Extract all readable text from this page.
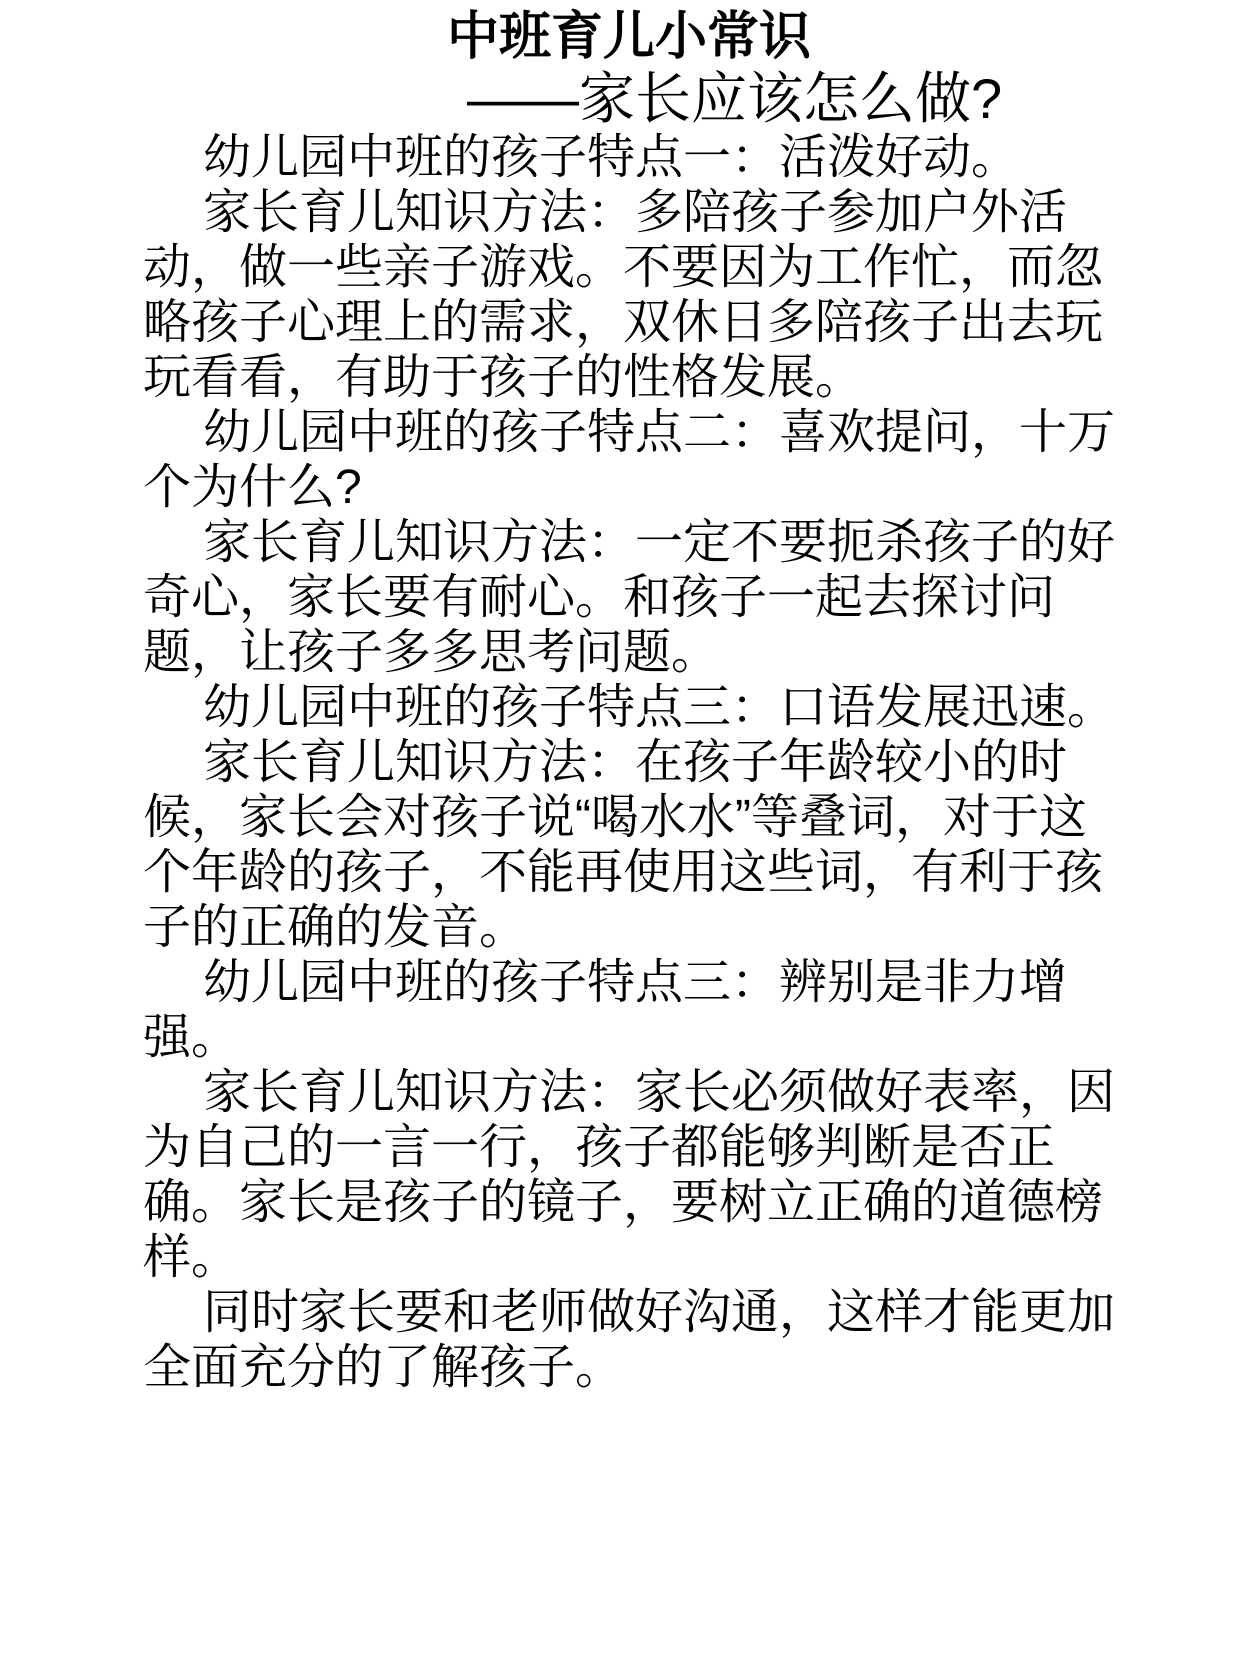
中班育儿小常识
——家长应该怎么做?

幼儿园中班的孩子特点一：活泼好动。

家长育儿知识方法：多陪孩子参加户外活动，做一些亲子游戏。不要因为工作忙，而忽略孩子心理上的需求，双休日多陪孩子出去玩玩看看，有助于孩子的性格发展。

幼儿园中班的孩子特点二：喜欢提问，十万个为什么?

家长育儿知识方法：一定不要扼杀孩子的好奇心，家长要有耐心。和孩子一起去探讨问题，让孩子多多思考问题。

幼儿园中班的孩子特点三：口语发展迅速。

家长育儿知识方法：在孩子年龄较小的时候，家长会对孩子说“喝水水”等叠词，对于这个年龄的孩子，不能再使用这些词，有利于孩子的正确的发音。

幼儿园中班的孩子特点三：辨别是非力增强。

家长育儿知识方法：家长必须做好表率，因为自己的一言一行，孩子都能够判断是否正确。家长是孩子的镜子，要树立正确的道德榜样。

同时家长要和老师做好沟通，这样才能更加全面充分的了解孩子。
